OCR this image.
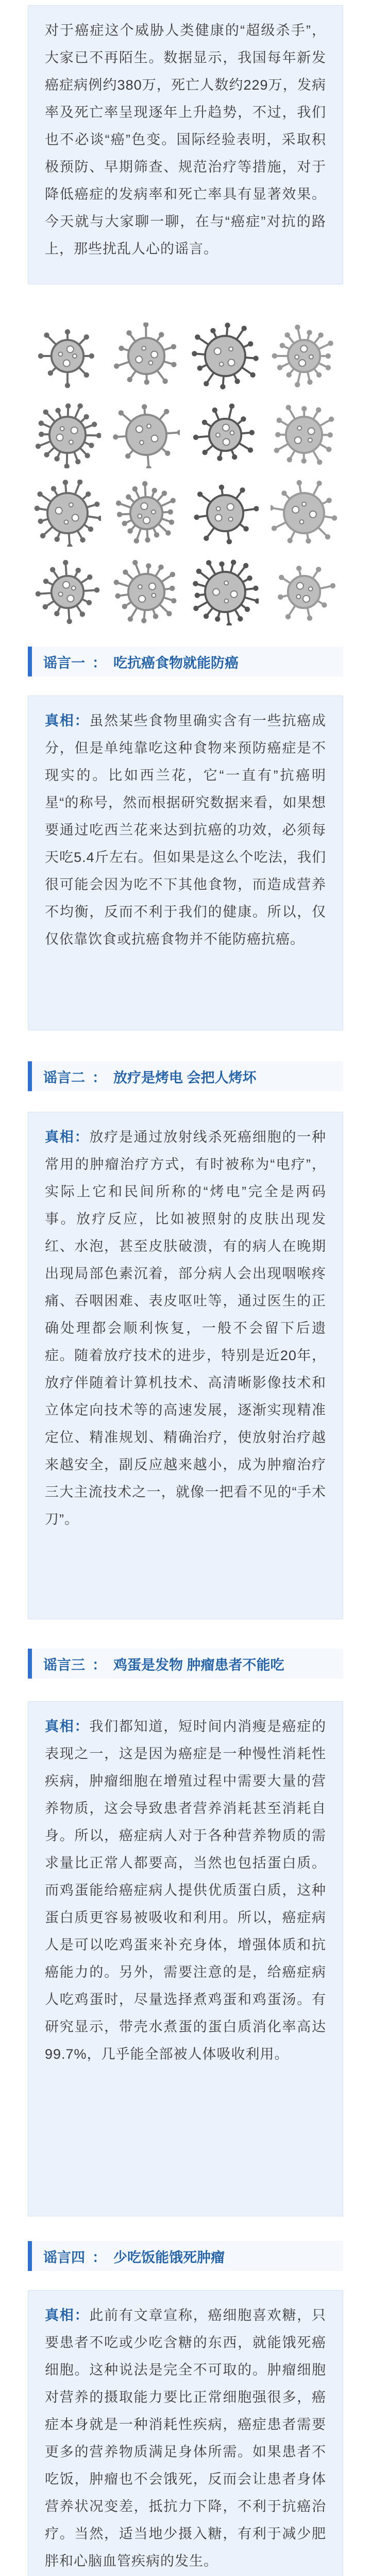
对于癌症这个威胁人类健康的“超级杀手”，大家已不再陌生。数据显示，我国每年新发癌症病例约380万，死亡人数约229万，发病率及死亡率呈现逐年上升趋势，不过，我们也不必谈“癌”色变。国际经验表明，采取积极预防、早期筛查、规范治疗等措施，对于降低癌症的发病率和死亡率具有显著效果。今天就与大家聊一聊，在与“癌症”对抗的路上，那些扰乱人心的谣言。

谣言一 ： 吃抗癌食物就能防癌

真相：虽然某些食物里确实含有一些抗癌成分，但是单纯靠吃这种食物来预防癌症是不现实的。比如西兰花，它“一直有”抗癌明星“的称号，然而根据研究数据来看，如果想要通过吃西兰花来达到抗癌的功效，必须每天吃5.4斤左右。但如果是这么个吃法，我们很可能会因为吃不下其他食物，而造成营养不均衡，反而不利于我们的健康。所以，仅仅依靠饮食或抗癌食物并不能防癌抗癌。

谣言二 ： 放疗是烤电 会把人烤坏

真相：放疗是通过放射线杀死癌细胞的一种常用的肿瘤治疗方式，有时被称为“电疗”，实际上它和民间所称的“烤电”完全是两码事。放疗反应，比如被照射的皮肤出现发红、水泡，甚至皮肤破溃，有的病人在晚期出现局部色素沉着，部分病人会出现咽喉疼痛、吞咽困难、表皮呕吐等，通过医生的正确处理都会顺利恢复，一般不会留下后遗症。随着放疗技术的进步，特别是近20年，放疗伴随着计算机技术、高清晰影像技术和立体定向技术等的高速发展，逐渐实现精准定位、精准规划、精确治疗，使放射治疗越来越安全，副反应越来越小，成为肿瘤治疗三大主流技术之一，就像一把看不见的“手术刀”。

谣言三 ： 鸡蛋是发物 肿瘤患者不能吃

真相：我们都知道，短时间内消瘦是癌症的表现之一，这是因为癌症是一种慢性消耗性疾病，肿瘤细胞在增殖过程中需要大量的营养物质，这会导致患者营养消耗甚至消耗自身。所以，癌症病人对于各种营养物质的需求量比正常人都要高，当然也包括蛋白质。而鸡蛋能给癌症病人提供优质蛋白质，这种蛋白质更容易被吸收和利用。所以，癌症病人是可以吃鸡蛋来补充身体，增强体质和抗癌能力的。另外，需要注意的是，给癌症病人吃鸡蛋时，尽量选择煮鸡蛋和鸡蛋汤。有研究显示，带壳水煮蛋的蛋白质消化率高达99.7%，几乎能全部被人体吸收利用。

谣言四 ： 少吃饭能饿死肿瘤

真相：此前有文章宣称，癌细胞喜欢糖，只要患者不吃或少吃含糖的东西，就能饿死癌细胞。这种说法是完全不可取的。肿瘤细胞对营养的摄取能力要比正常细胞强很多，癌症本身就是一种消耗性疾病，癌症患者需要更多的营养物质满足身体所需。如果患者不吃饭，肿瘤也不会饿死，反而会让患者身体营养状况变差，抵抗力下降，不利于抗癌治疗。当然，适当地少摄入糖，有利于减少肥胖和心脑血管疾病的发生。
